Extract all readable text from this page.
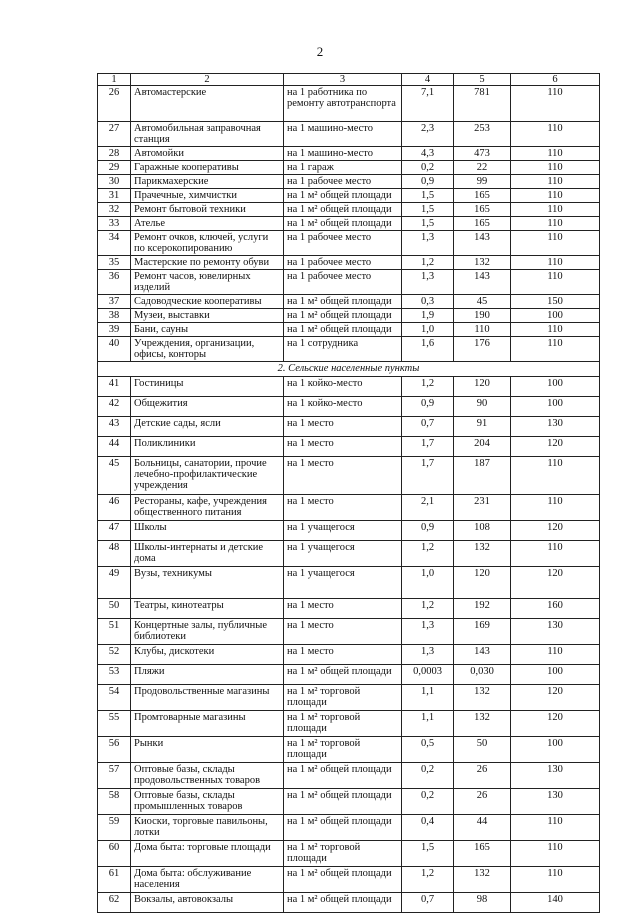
2
1	2	3	4	5	6
26	Автомастерские	на 1 работника по ремонту автотранспорта	7,1	781	110
27	Автомобильная заправочная станция	на 1 машино-место	2,3	253	110
28	Автомойки	на 1 машино-место	4,3	473	110
29	Гаражные кооперативы	на 1 гараж	0,2	22	110
30	Парикмахерские	на 1 рабочее место	0,9	99	110
31	Прачечные, химчистки	на 1 м² общей площади	1,5	165	110
32	Ремонт бытовой техники	на 1 м² общей площади	1,5	165	110
33	Ателье	на 1 м² общей площади	1,5	165	110
34	Ремонт очков, ключей, услуги по ксерокопированию	на 1 рабочее место	1,3	143	110
35	Мастерские по ремонту обуви	на 1 рабочее место	1,2	132	110
36	Ремонт часов, ювелирных изделий	на 1 рабочее место	1,3	143	110
37	Садоводческие кооперативы	на 1 м² общей площади	0,3	45	150
38	Музеи, выставки	на 1 м² общей площади	1,9	190	100
39	Бани, сауны	на 1 м² общей площади	1,0	110	110
40	Учреждения, организации, офисы, конторы	на 1 сотрудника	1,6	176	110
2. Сельские населенные пункты					
41	Гостиницы	на 1 койко-место	1,2	120	100
42	Общежития	на 1 койко-место	0,9	90	100
43	Детские сады, ясли	на 1 место	0,7	91	130
44	Поликлиники	на 1 место	1,7	204	120
45	Больницы, санатории, прочие лечебно-профилактические учреждения	на 1 место	1,7	187	110
46	Рестораны, кафе, учреждения общественного питания	на 1 место	2,1	231	110
47	Школы	на 1 учащегося	0,9	108	120
48	Школы-интернаты и детские дома	на 1 учащегося	1,2	132	110
49	Вузы, техникумы	на 1 учащегося	1,0	120	120
50	Театры, кинотеатры	на 1 место	1,2	192	160
51	Концертные залы, публичные библиотеки	на 1 место	1,3	169	130
52	Клубы, дискотеки	на 1 место	1,3	143	110
53	Пляжи	на 1 м² общей площади	0,0003	0,030	100
54	Продовольственные магазины	на 1 м² торговой площади	1,1	132	120
55	Промтоварные магазины	на 1 м² торговой площади	1,1	132	120
56	Рынки	на 1 м² торговой площади	0,5	50	100
57	Оптовые базы, склады продовольственных товаров	на 1 м² общей площади	0,2	26	130
58	Оптовые базы, склады промышленных товаров	на 1 м² общей площади	0,2	26	130
59	Киоски, торговые павильоны, лотки	на 1 м² общей площади	0,4	44	110
60	Дома быта: торговые площади	на 1 м² торговой площади	1,5	165	110
61	Дома быта: обслуживание населения	на 1 м² общей площади	1,2	132	110
62	Вокзалы, автовокзалы	на 1 м² общей площади	0,7	98	140
